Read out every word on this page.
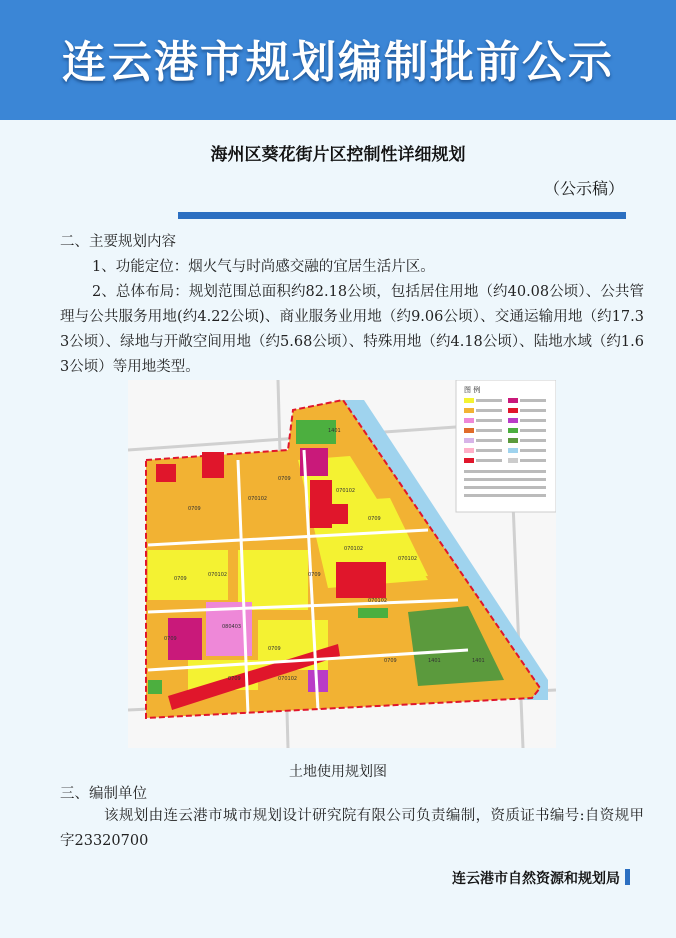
连云港市规划编制批前公示
海州区葵花街片区控制性详细规划
（公示稿）
二、主要规划内容
1、功能定位：烟火气与时尚感交融的宜居生活片区。
2、总体布局：规划范围总面积约82.18公顷，包括居住用地（约40.08公顷）、公共管理与公共服务用地(约4.22公顷)、商业服务业用地（约9.06公顷）、交通运输用地（约17.33公顷）、绿地与开敞空间用地（约5.68公顷）、特殊用地（约4.18公顷）、陆地水域（约1.63公顷）等用地类型。
图 例
0709
070102
0709
070102
0709
070102
070102
070102
0709
0709
070102
1401
1401
0709
0709
080403
0709	070102
0709
1401
土地使用规划图
三、编制单位
该规划由连云港市城市规划设计研究院有限公司负责编制，资质证书编号:自资规甲字23320700
连云港市自然资源和规划局
